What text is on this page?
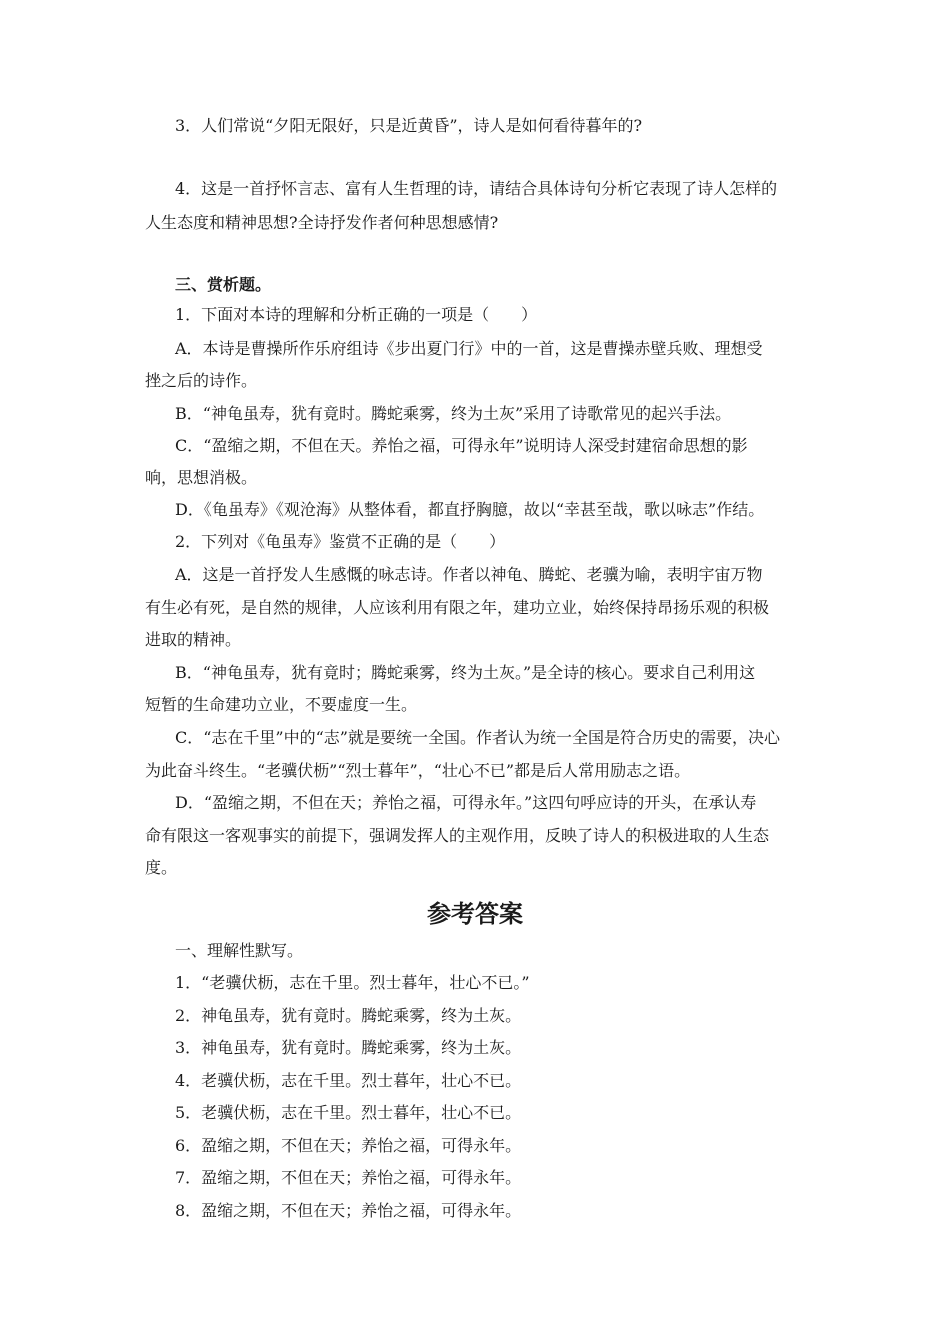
3．人们常说“夕阳无限好，只是近黄昏”，诗人是如何看待暮年的?
4．这是一首抒怀言志、富有人生哲理的诗，请结合具体诗句分析它表现了诗人怎样的
人生态度和精神思想?全诗抒发作者何种思想感情?
三、赏析题。
1．下面对本诗的理解和分析正确的一项是（　　）
A．本诗是曹操所作乐府组诗《步出夏门行》中的一首，这是曹操赤壁兵败、理想受
挫之后的诗作。
B．“神龟虽寿，犹有竟时。腾蛇乘雾，终为土灰”采用了诗歌常见的起兴手法。
C．“盈缩之期，不但在天。养怡之福，可得永年”说明诗人深受封建宿命思想的影
响，思想消极。
D．《龟虽寿》《观沧海》从整体看，都直抒胸臆，故以“幸甚至哉，歌以咏志”作结。
2．下列对《龟虽寿》鉴赏不正确的是（　　）
A．这是一首抒发人生感慨的咏志诗。作者以神龟、腾蛇、老骥为喻，表明宇宙万物
有生必有死，是自然的规律，人应该利用有限之年，建功立业，始终保持昂扬乐观的积极
进取的精神。
B．“神龟虽寿，犹有竟时；腾蛇乘雾，终为土灰。”是全诗的核心。要求自己利用这
短暂的生命建功立业，不要虚度一生。
C．“志在千里”中的“志”就是要统一全国。作者认为统一全国是符合历史的需要，决心
为此奋斗终生。“老骥伏枥”“烈士暮年”，“壮心不已”都是后人常用励志之语。
D．“盈缩之期，不但在天；养怡之福，可得永年。”这四句呼应诗的开头，在承认寿
命有限这一客观事实的前提下，强调发挥人的主观作用，反映了诗人的积极进取的人生态
度。
参考答案
一、理解性默写。
1．“老骥伏枥，志在千里。烈士暮年，壮心不已。”
2．神龟虽寿，犹有竟时。腾蛇乘雾，终为土灰。
3．神龟虽寿，犹有竟时。腾蛇乘雾，终为土灰。
4．老骥伏枥，志在千里。烈士暮年，壮心不已。
5．老骥伏枥，志在千里。烈士暮年，壮心不已。
6．盈缩之期，不但在天；养怡之福，可得永年。
7．盈缩之期，不但在天；养怡之福，可得永年。
8．盈缩之期，不但在天；养怡之福，可得永年。
